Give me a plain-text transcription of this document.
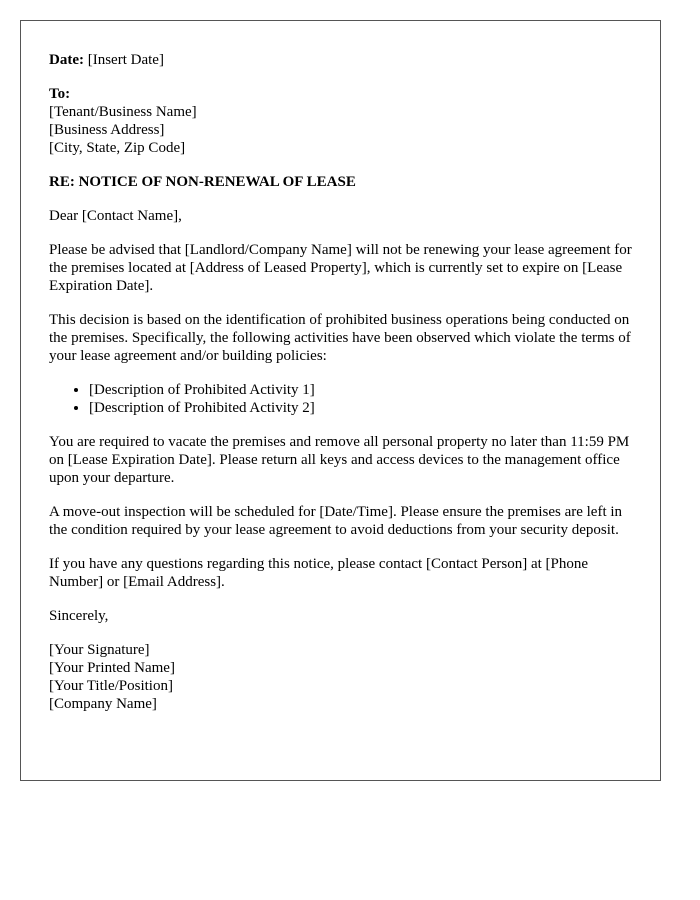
Date: [Insert Date]

To:
[Tenant/Business Name]
[Business Address]
[City, State, Zip Code]

RE: NOTICE OF NON-RENEWAL OF LEASE

Dear [Contact Name],

Please be advised that [Landlord/Company Name] will not be renewing your lease agreement for the premises located at [Address of Leased Property], which is currently set to expire on [Lease Expiration Date].

This decision is based on the identification of prohibited business operations being conducted on the premises. Specifically, the following activities have been observed which violate the terms of your lease agreement and/or building policies:

• [Description of Prohibited Activity 1]
• [Description of Prohibited Activity 2]

You are required to vacate the premises and remove all personal property no later than 11:59 PM on [Lease Expiration Date]. Please return all keys and access devices to the management office upon your departure.

A move-out inspection will be scheduled for [Date/Time]. Please ensure the premises are left in the condition required by your lease agreement to avoid deductions from your security deposit.

If you have any questions regarding this notice, please contact [Contact Person] at [Phone Number] or [Email Address].

Sincerely,

[Your Signature]
[Your Printed Name]
[Your Title/Position]
[Company Name]
